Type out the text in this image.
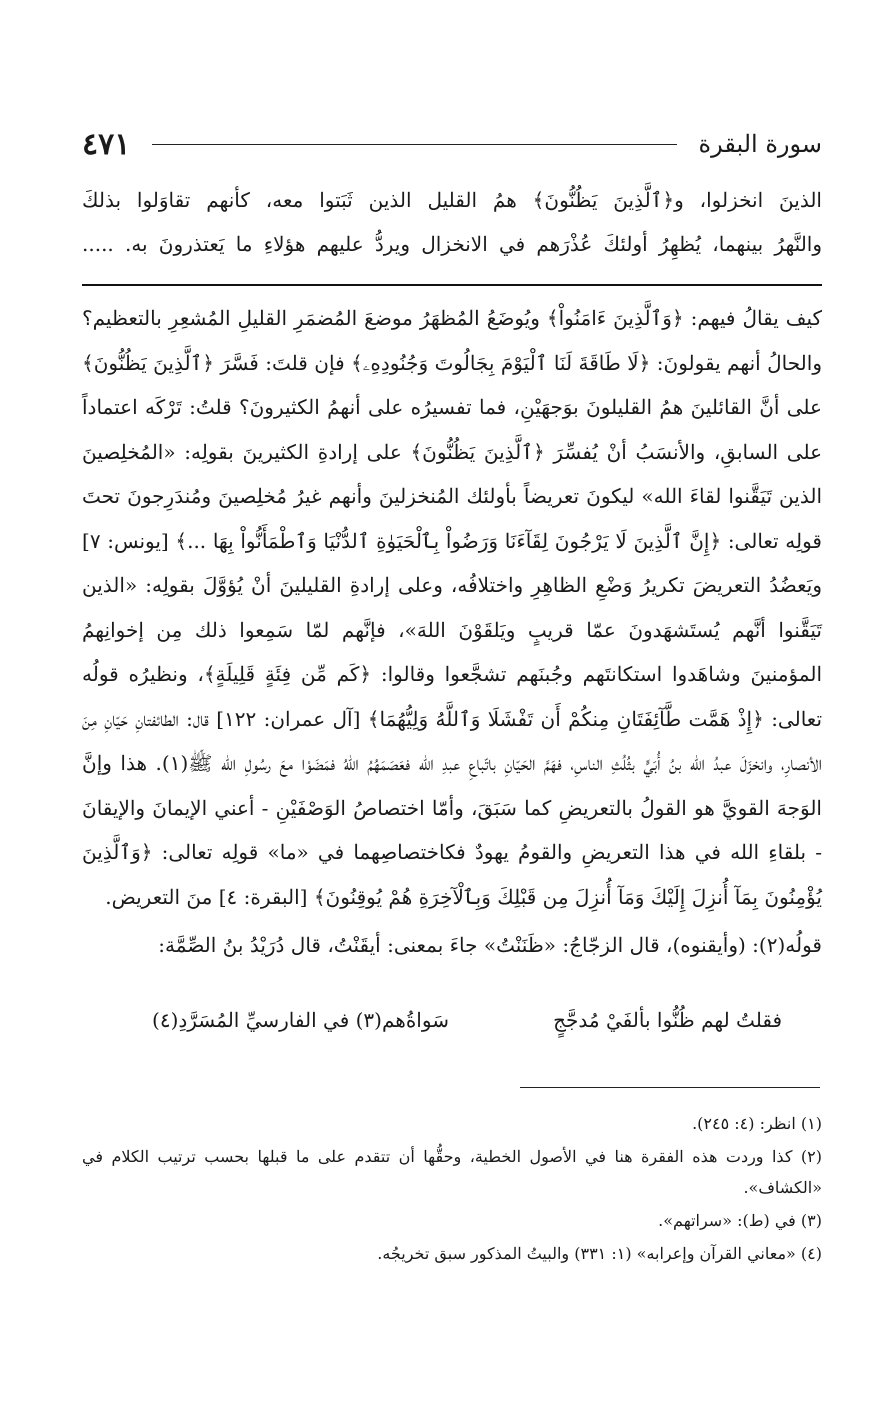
سورة البقرة
٤٧١

الذينَ انخزلوا، و﴿ٱلَّذِينَ يَظُنُّونَ﴾ همُ القليل الذين ثَبَتوا معه، كأنهم تقاوَلوا بذلكَ

والنَّهرُ بينهما، يُظهِرُ أولئكَ عُذْرَهم في الانخزال ويردُّ عليهم هؤلاءِ ما يَعتذرونَ به. .....

كيف يقالُ فيهم: ﴿وَٱلَّذِينَ ءَامَنُواْ﴾ ويُوضَعُ المُظهَرُ موضعَ المُضمَرِ القليلِ المُشعِرِ بالتعظيم؟ والحالُ أنهم يقولونَ: ﴿لَا طَاقَةَ لَنَا ٱلْيَوْمَ بِجَالُوتَ وَجُنُودِهِۦ﴾ فإن قلتَ: فَسَّرَ ﴿ٱلَّذِينَ يَظُنُّونَ﴾ على أنَّ القائلينَ همُ القليلونَ بوَجهَيْنِ، فما تفسيرُه على أنهمُ الكثيرونَ؟ قلتُ: تَرْكَه اعتماداً على السابقِ، والأنسَبُ أنْ يُفسِّرَ ﴿ٱلَّذِينَ يَظُنُّونَ﴾ على إرادةِ الكثيرينَ بقولِه: «المُخلِصينَ الذين تَيَقَّنوا لقاءَ الله» ليكونَ تعريضاً بأولئك المُنخزلينَ وأنهم غيرُ مُخلِصينَ ومُندَرِجونَ تحتَ قولِه تعالى: ﴿إِنَّ ٱلَّذِينَ لَا يَرْجُونَ لِقَآءَنَا وَرَضُواْ بِٱلْحَيَوٰةِ ٱلدُّنْيَا وَٱطْمَأَنُّواْ بِهَا ...﴾ [يونس: ٧] ويَعضُدُ التعريضَ تكريرُ وَضْعِ الظاهِرِ واختلافُه، وعلى إرادةِ القليلينَ أنْ يُؤوَّلَ بقولِه: «الذين تَيَقَّنوا أنَّهم يُستَشهَدونَ عمّا قريبٍ ويَلقَوْنَ اللهَ»، فإنَّهم لمّا سَمِعوا ذلك مِن إخوانِهمُ المؤمنينَ وشاهَدوا استكانتَهم وجُبنَهم تشجَّعوا وقالوا: ﴿كَم مِّن فِئَةٍ قَلِيلَةٍ﴾، ونظيرُه قولُه تعالى: ﴿إِذْ هَمَّت طَّآئِفَتَانِ مِنكُمْ أَن تَفْشَلَا وَٱللَّهُ وَلِيُّهُمَا﴾ [آل عمران: ١٢٢] قال: الطائفتانِ حَيّانِ مِنَ الأنصارِ، وانخزَلَ عبدُ الله بنُ أُبَيٍّ بثُلُثِ الناسِ، فهَمَّ الحَيّانِ باتّباعِ عبدِ الله فعَصَمَهُمُ اللهُ فمَضَوْا معَ رسُولِ الله ﷺ(١). هذا وإنَّ الوَجهَ القويَّ هو القولُ بالتعريضِ كما سَبَقَ، وأمّا اختصاصُ الوَصْفَيْنِ - أعني الإيمانَ والإيقانَ - بلقاءِ الله في هذا التعريضِ والقومُ يهودٌ فكاختصاصِهما في «ما» قولِه تعالى: ﴿وَٱلَّذِينَ يُؤْمِنُونَ بِمَآ أُنزِلَ إِلَيْكَ وَمَآ أُنزِلَ مِن قَبْلِكَ وَبِٱلْآخِرَةِ هُمْ يُوقِنُونَ﴾ [البقرة: ٤] منَ التعريض.

قولُه(٢): (وأيقنوه)، قال الزجّاجُ: «ظَنَنْتُ» جاءَ بمعنى: أيقَنْتُ، قال دُرَيْدُ بنُ الصِّمَّة:

فقلتُ لهم ظُنُّوا بألفَيْ مُدجَّجٍ
سَواةُهم(٣) في الفارسيِّ المُسَرَّدِ(٤)

(١) انظر: (٤: ٢٤٥).

(٢) كذا وردت هذه الفقرة هنا في الأصول الخطية، وحقُّها أن تتقدم على ما قبلها بحسب ترتيب الكلام في «الكشاف».

(٣) في (ط): «سراتهم».

(٤) «معاني القرآن وإعرابه» (١: ٣٣١) والبيتُ المذكور سبق تخريجُه.
